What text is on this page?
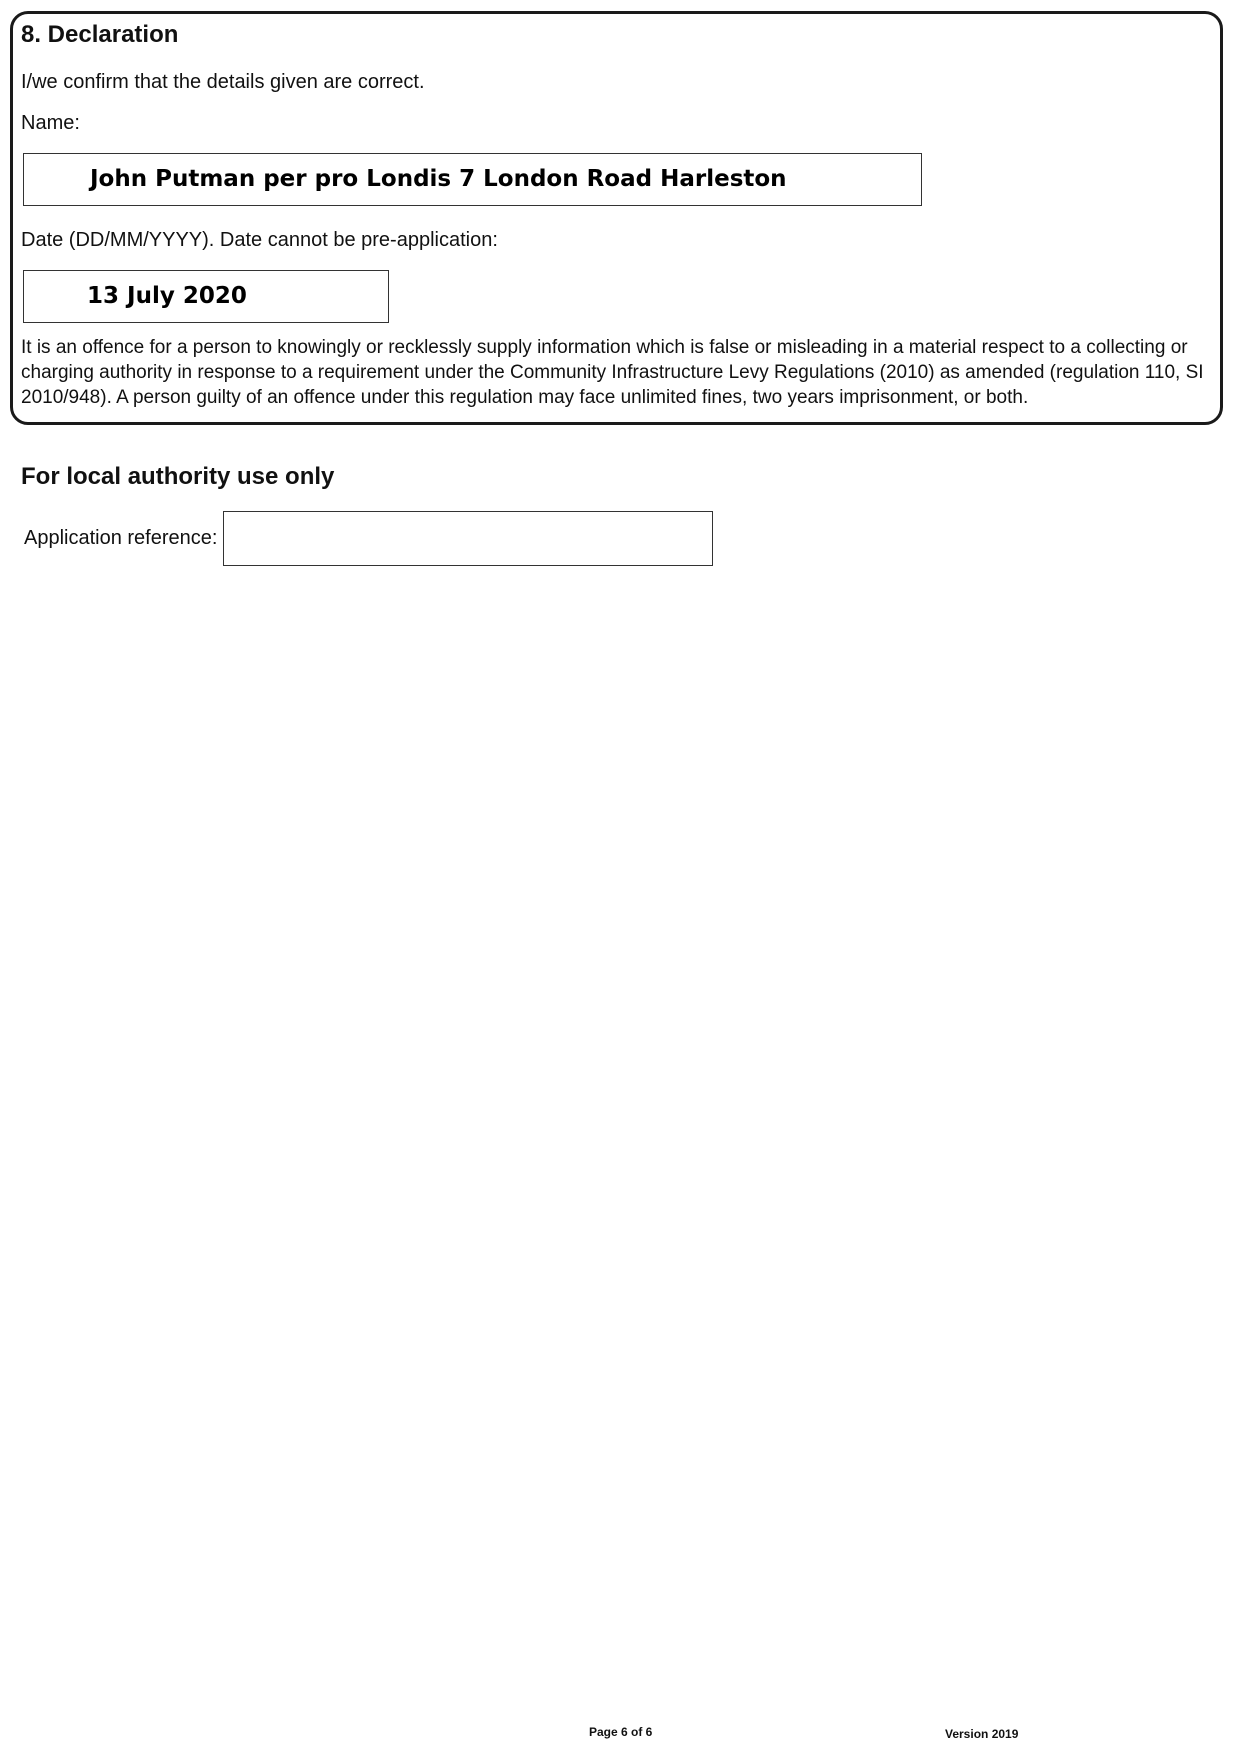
8. Declaration
I/we confirm that the details given are correct.
Name:
John Putman per pro Londis 7 London Road Harleston
Date (DD/MM/YYYY). Date cannot be pre-application:
13 July 2020

It is an offence for a person to knowingly or recklessly supply information which is false or misleading in a material respect to a collecting or charging authority in response to a requirement under the Community Infrastructure Levy Regulations (2010) as amended (regulation 110, SI 2010/948). A person guilty of an offence under this regulation may face unlimited fines, two years imprisonment, or both.

For local authority use only
Application reference:
Page 6 of 6	Version 2019
